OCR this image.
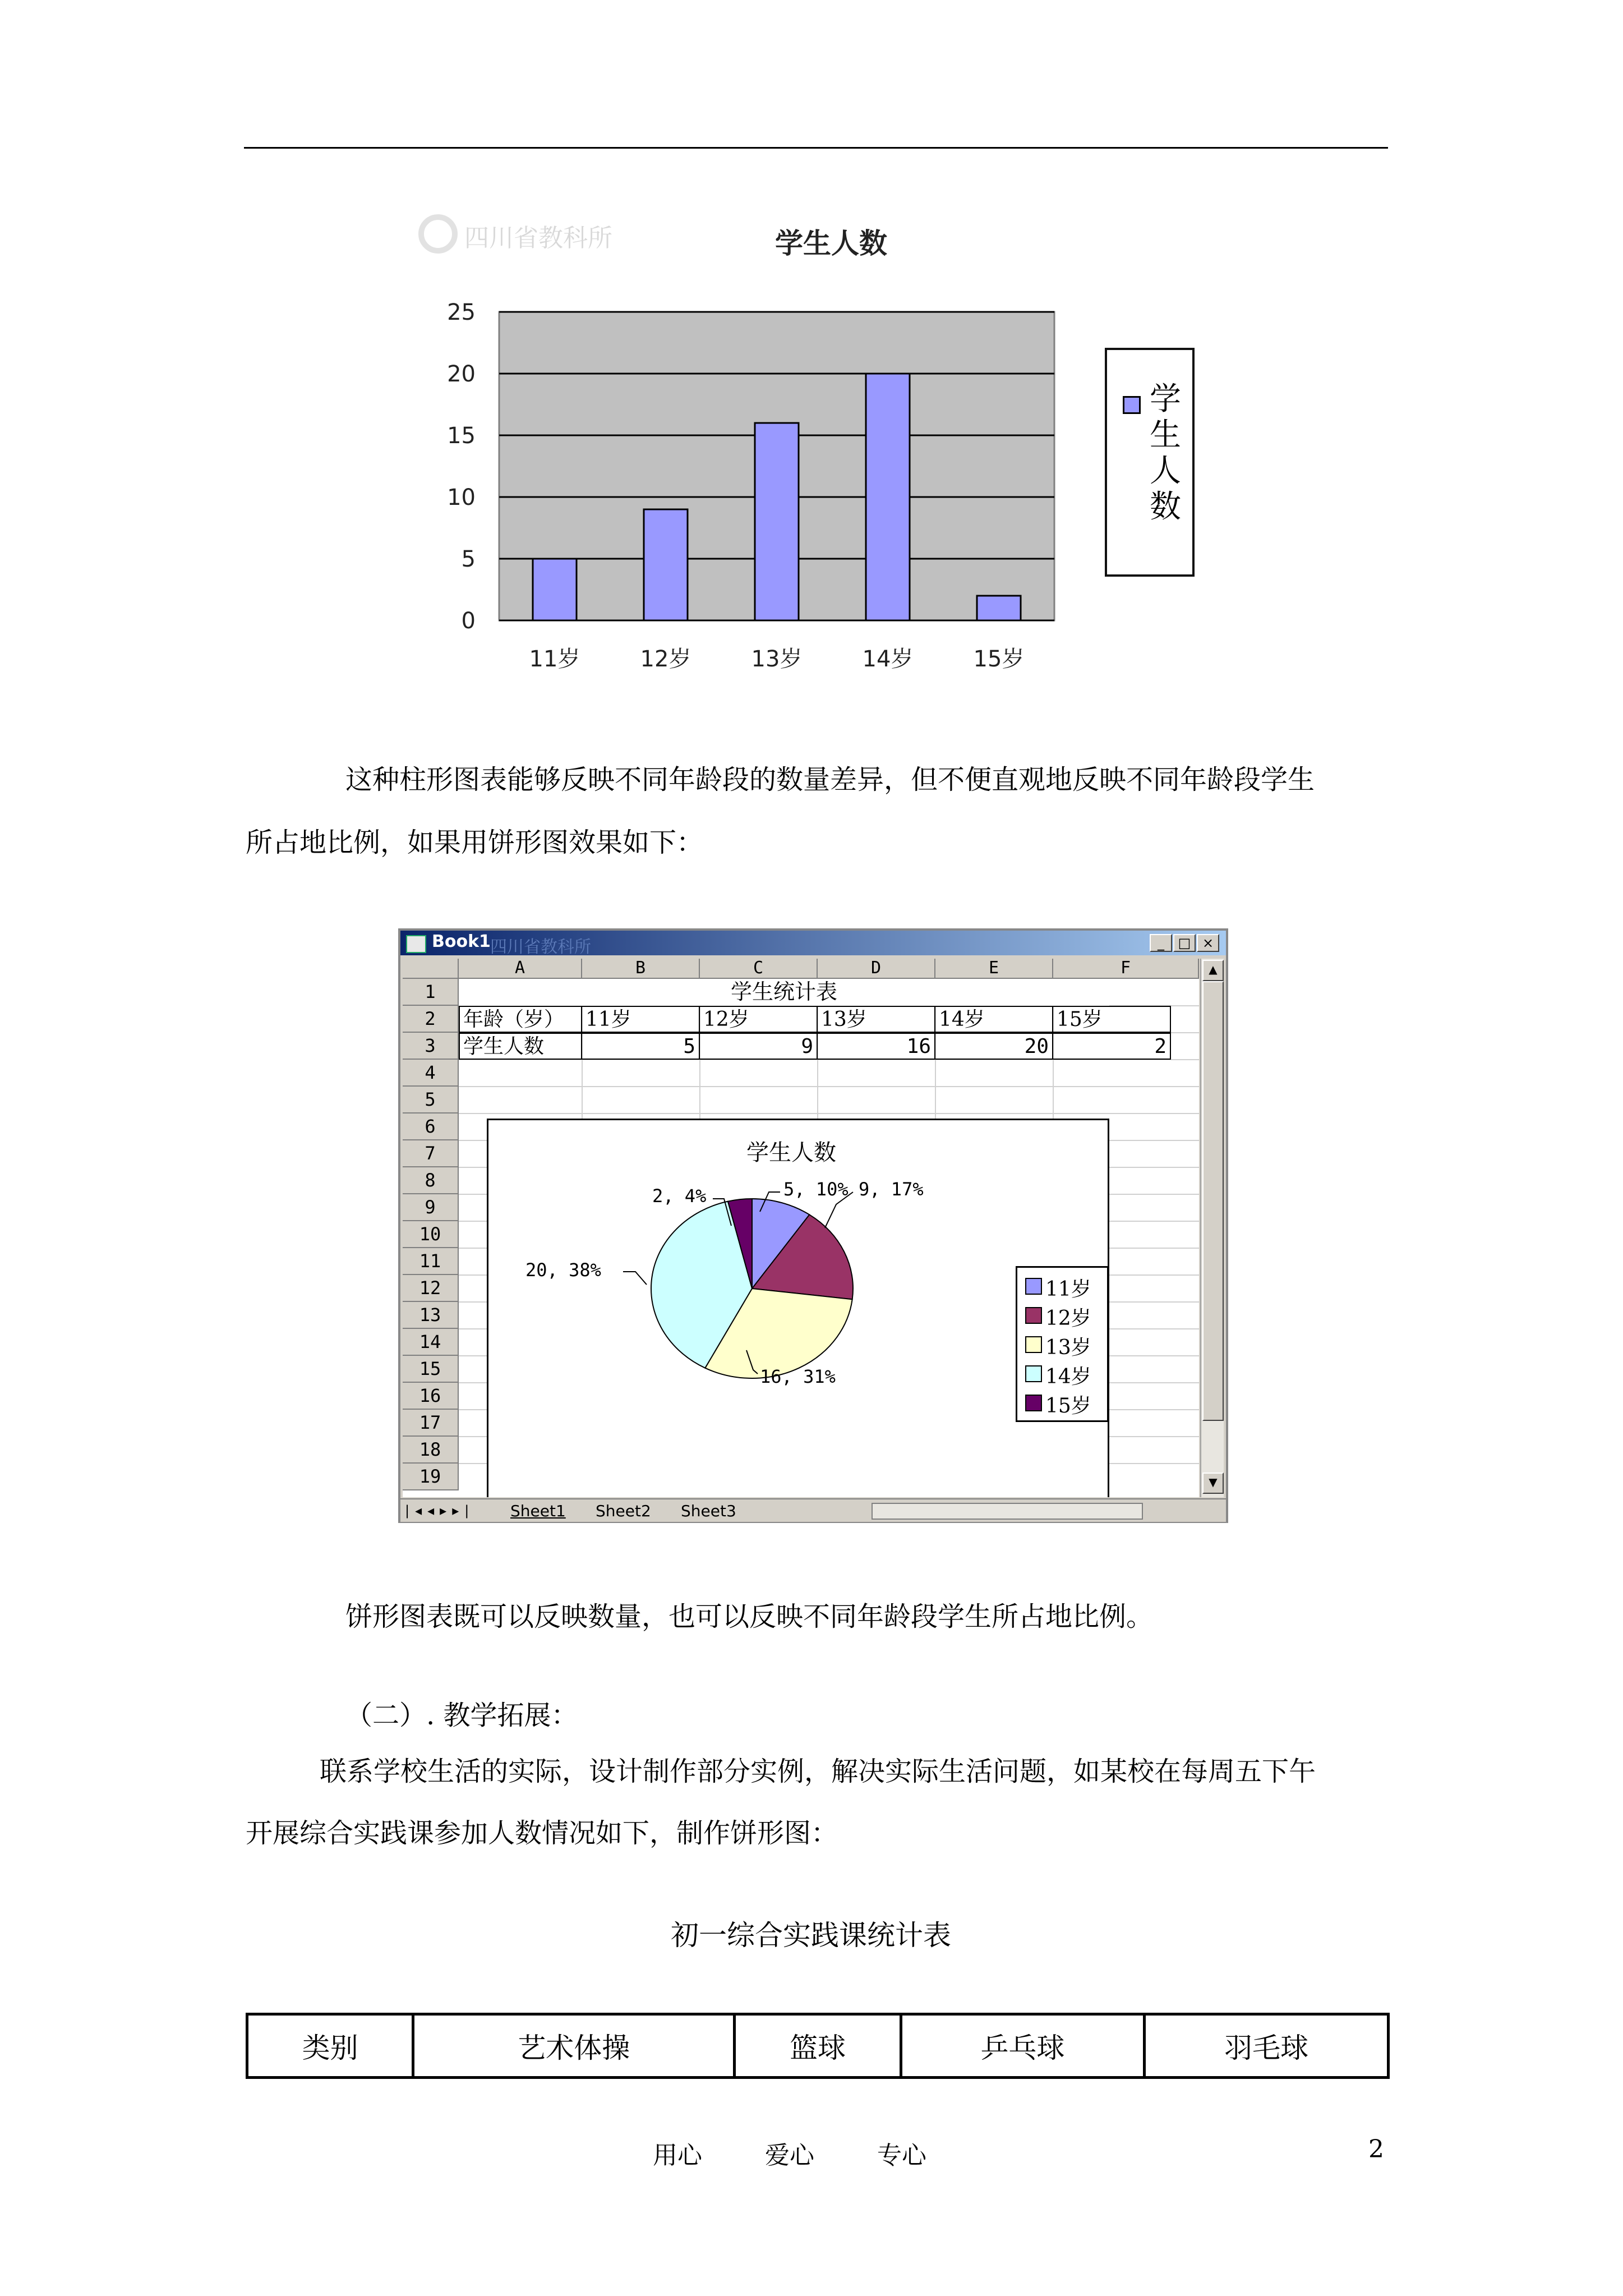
四川省教科所	学生人数
0
5
10
15
20
25
11岁	12岁	13岁	14岁	15岁
学
生
人
数
这种柱形图表能够反映不同年龄段的数量差异，但不便直观地反映不同年龄段学生
所占地比例，如果用饼形图效果如下：
Book1 四川省教科所	_	□ ×
A	B	C	D	E	F
1
2
3
4
5
6
7
8
9
10
11
12
13
14
15
16
17
18
19
学生统计表
年龄（岁）	11岁	12岁	13岁	14岁	15岁
学生人数	5	9	16	20	2
学生人数
5, 10% 9, 17%
16, 31%
20, 38%
2, 4%
11岁
12岁
13岁
14岁
15岁
▲
▼
|◂◂▸▸| Sheet1 Sheet2 Sheet3
饼形图表既可以反映数量，也可以反映不同年龄段学生所占地比例。
（二）. 教学拓展：
联系学校生活的实际，设计制作部分实例，解决实际生活问题，如某校在每周五下午
开展综合实践课参加人数情况如下，制作饼形图：
初一综合实践课统计表
类别	艺术体操	篮球	乒乓球	羽毛球
用心	爱心	专心	2
